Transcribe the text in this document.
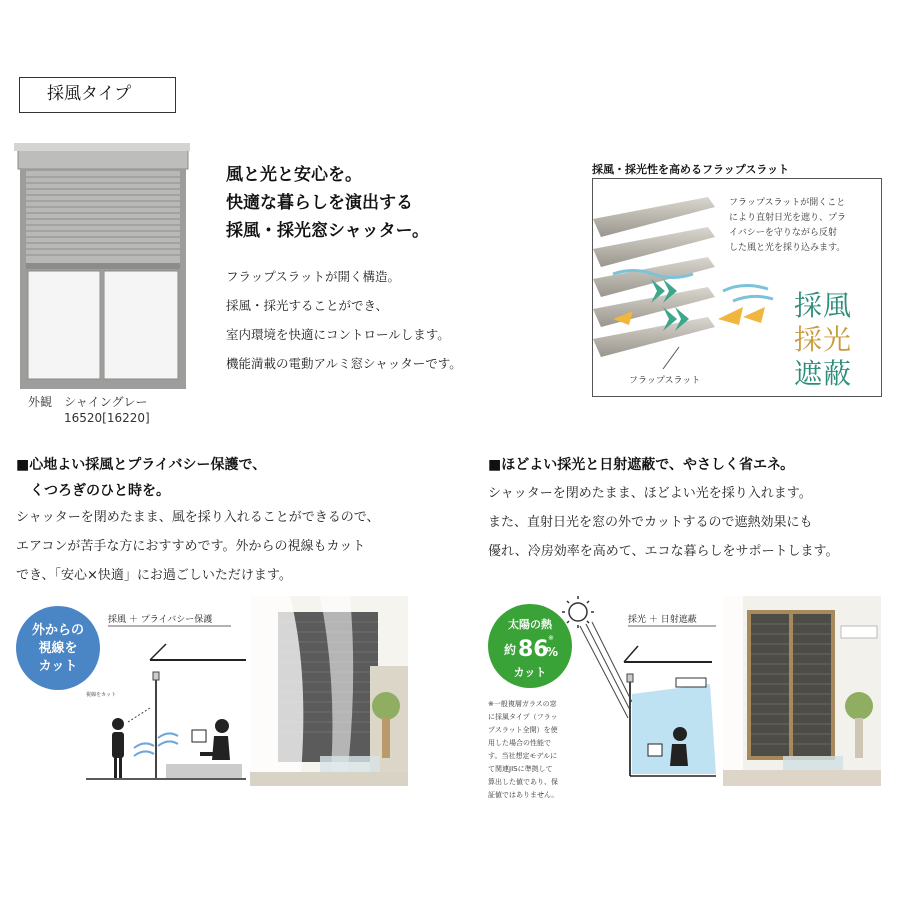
採風タイプ
外観　シャイングレー
16520[16220]
風と光と安心を。
快適な暮らしを演出する
採風・採光窓シャッター。
フラップスラットが開く構造。
採風・採光することができ、
室内環境を快適にコントロールします。
機能満載の電動アルミ窓シャッターです。
採風・採光性を高めるフラップスラット
フラップスラットが開くこと
により直射日光を遮り、プラ
イバシーを守りながら反射
した風と光を採り込みます。
フラップスラット
採風
採光
遮蔽
■心地よい採風とプライバシー保護で、
　くつろぎのひと時を。
シャッターを閉めたまま、風を採り入れることができるので、
エアコンが苦手な方におすすめです。外からの視線もカット
でき、「安心×快適」にお過ごしいただけます。
外からの
視線を
カット
採風 ＋ プライバシー保護
視線をカット
■ほどよい採光と日射遮蔽で、やさしく省エネ。
シャッターを閉めたまま、ほどよい光を採り入れます。
また、直射日光を窓の外でカットするので遮熱効果にも
優れ、冷房効率を高めて、エコな暮らしをサポートします。
太陽の熱
約 86
%
※
カット
採光 ＋ 日射遮蔽
※一般複層ガラスの窓
に採風タイプ（フラッ
プスラット全開）を使
用した場合の性能で
す。当社想定モデルに
て関連JISに準拠して
算出した値であり、保
証値ではありません。
